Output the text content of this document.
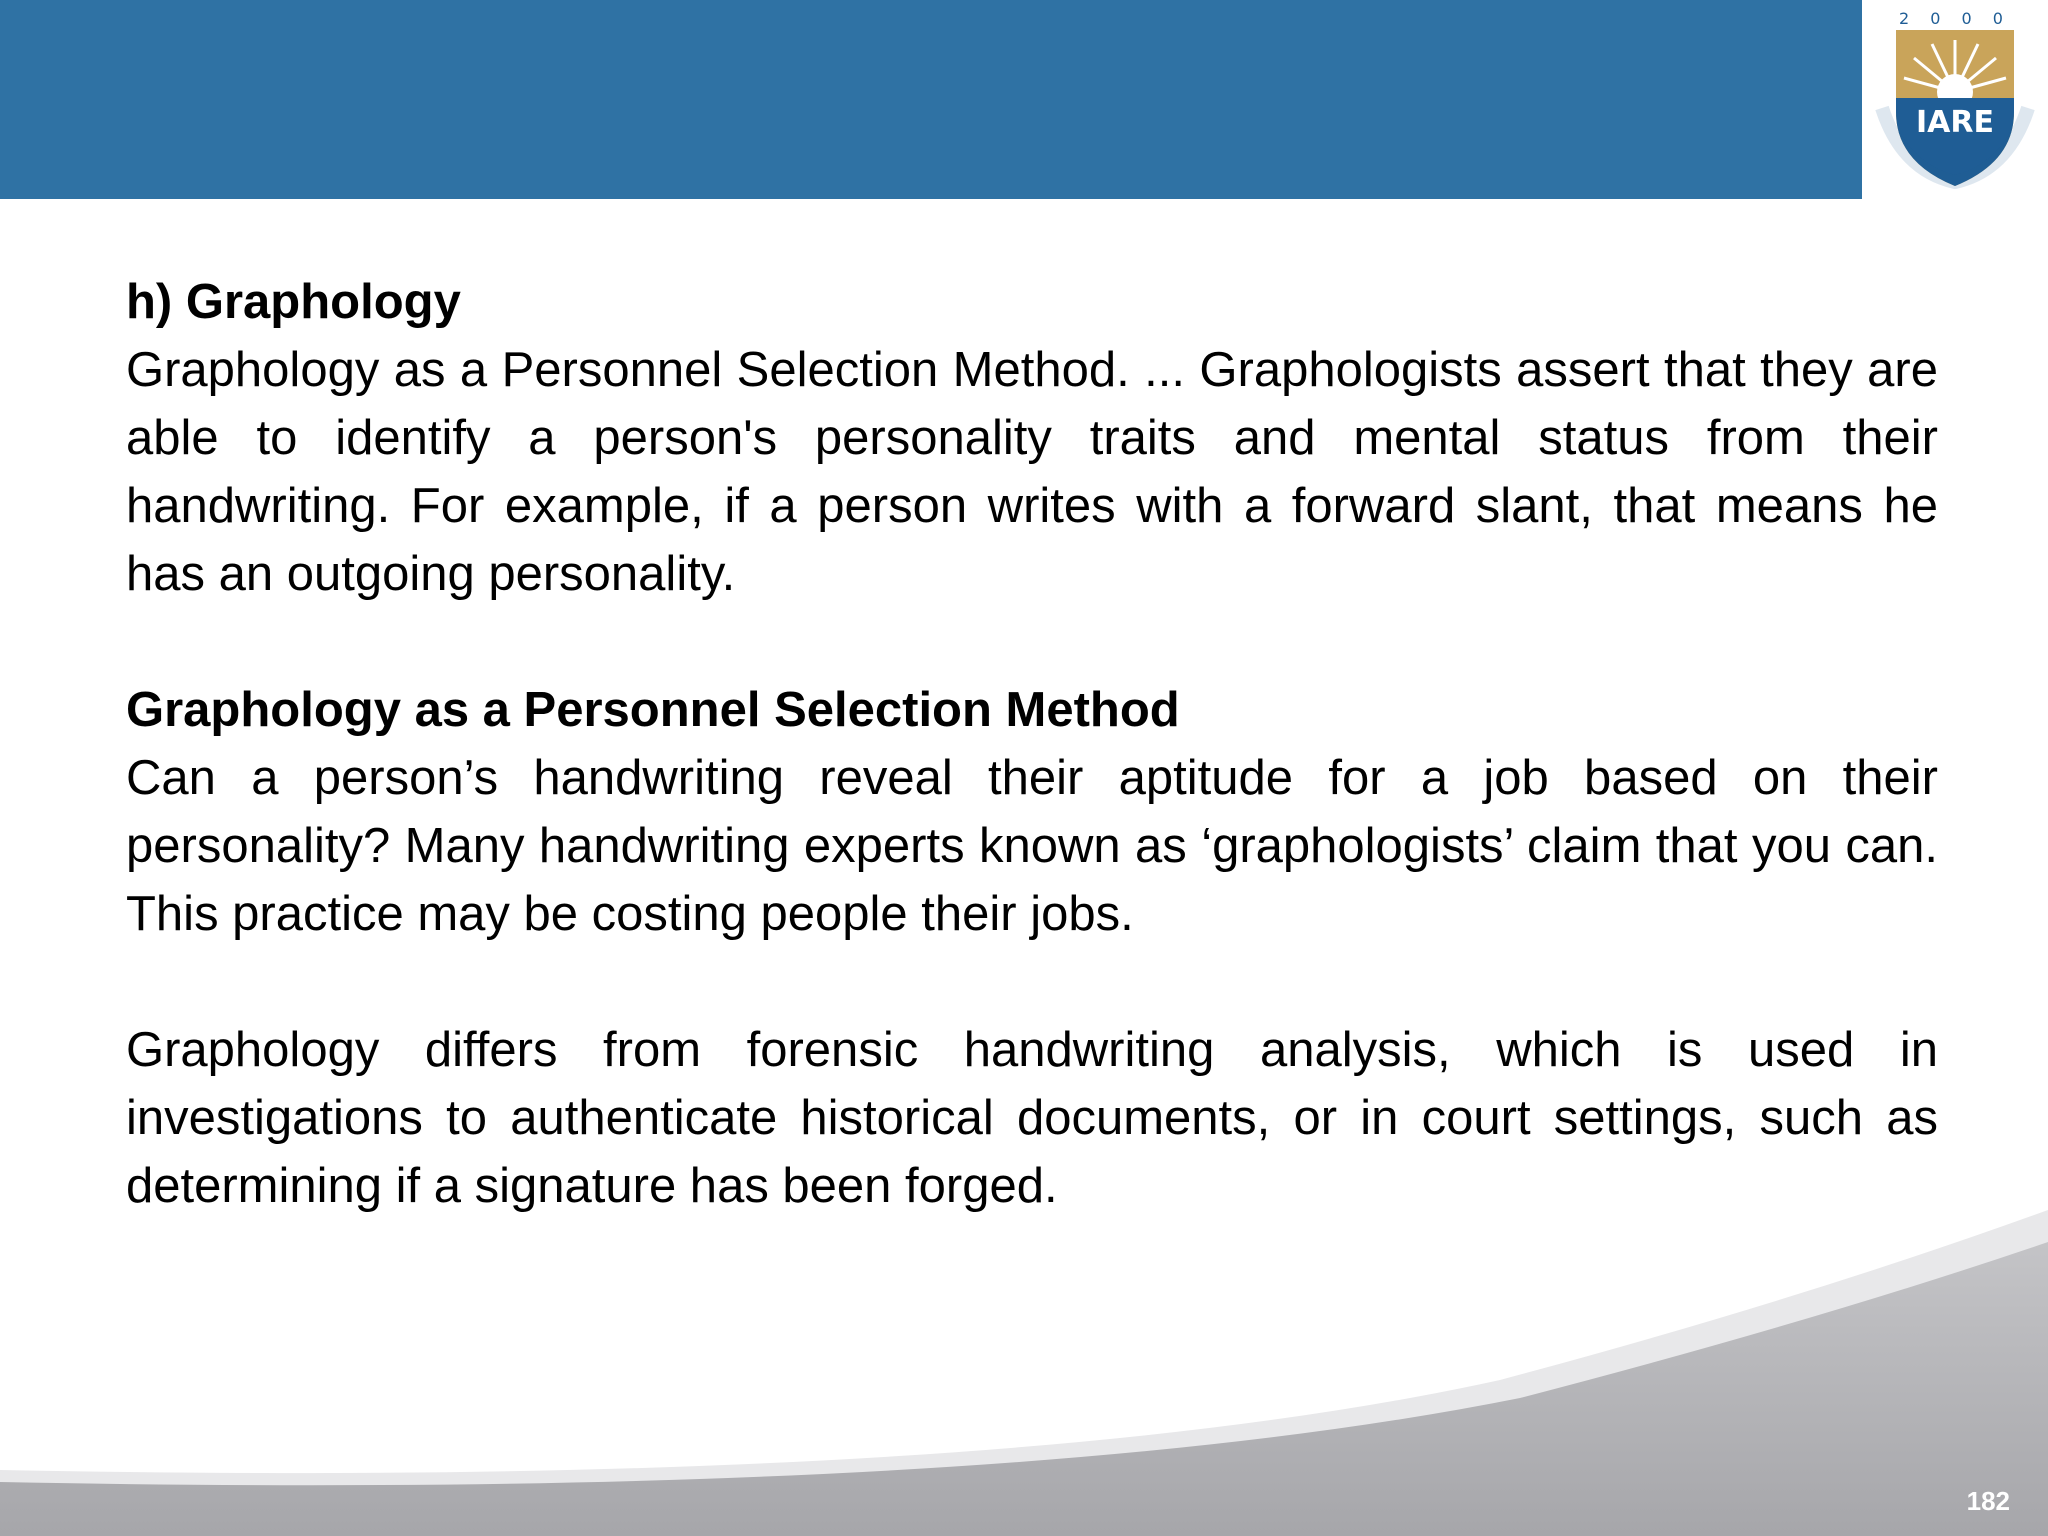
2 0 0 0
IARE

h) Graphology

Graphology as a Personnel Selection Method. ... Graphologists assert that they are able to identify a person's personality traits and mental status from their handwriting. For example, if a person writes with a forward slant, that means he has an outgoing personality.

Graphology as a Personnel Selection Method

Can a person’s handwriting reveal their aptitude for a job based on their personality? Many handwriting experts known as ‘graphologists’ claim that you can. This practice may be costing people their jobs.

Graphology differs from forensic handwriting analysis, which is used in investigations to authenticate historical documents, or in court settings, such as determining if a signature has been forged.

182
